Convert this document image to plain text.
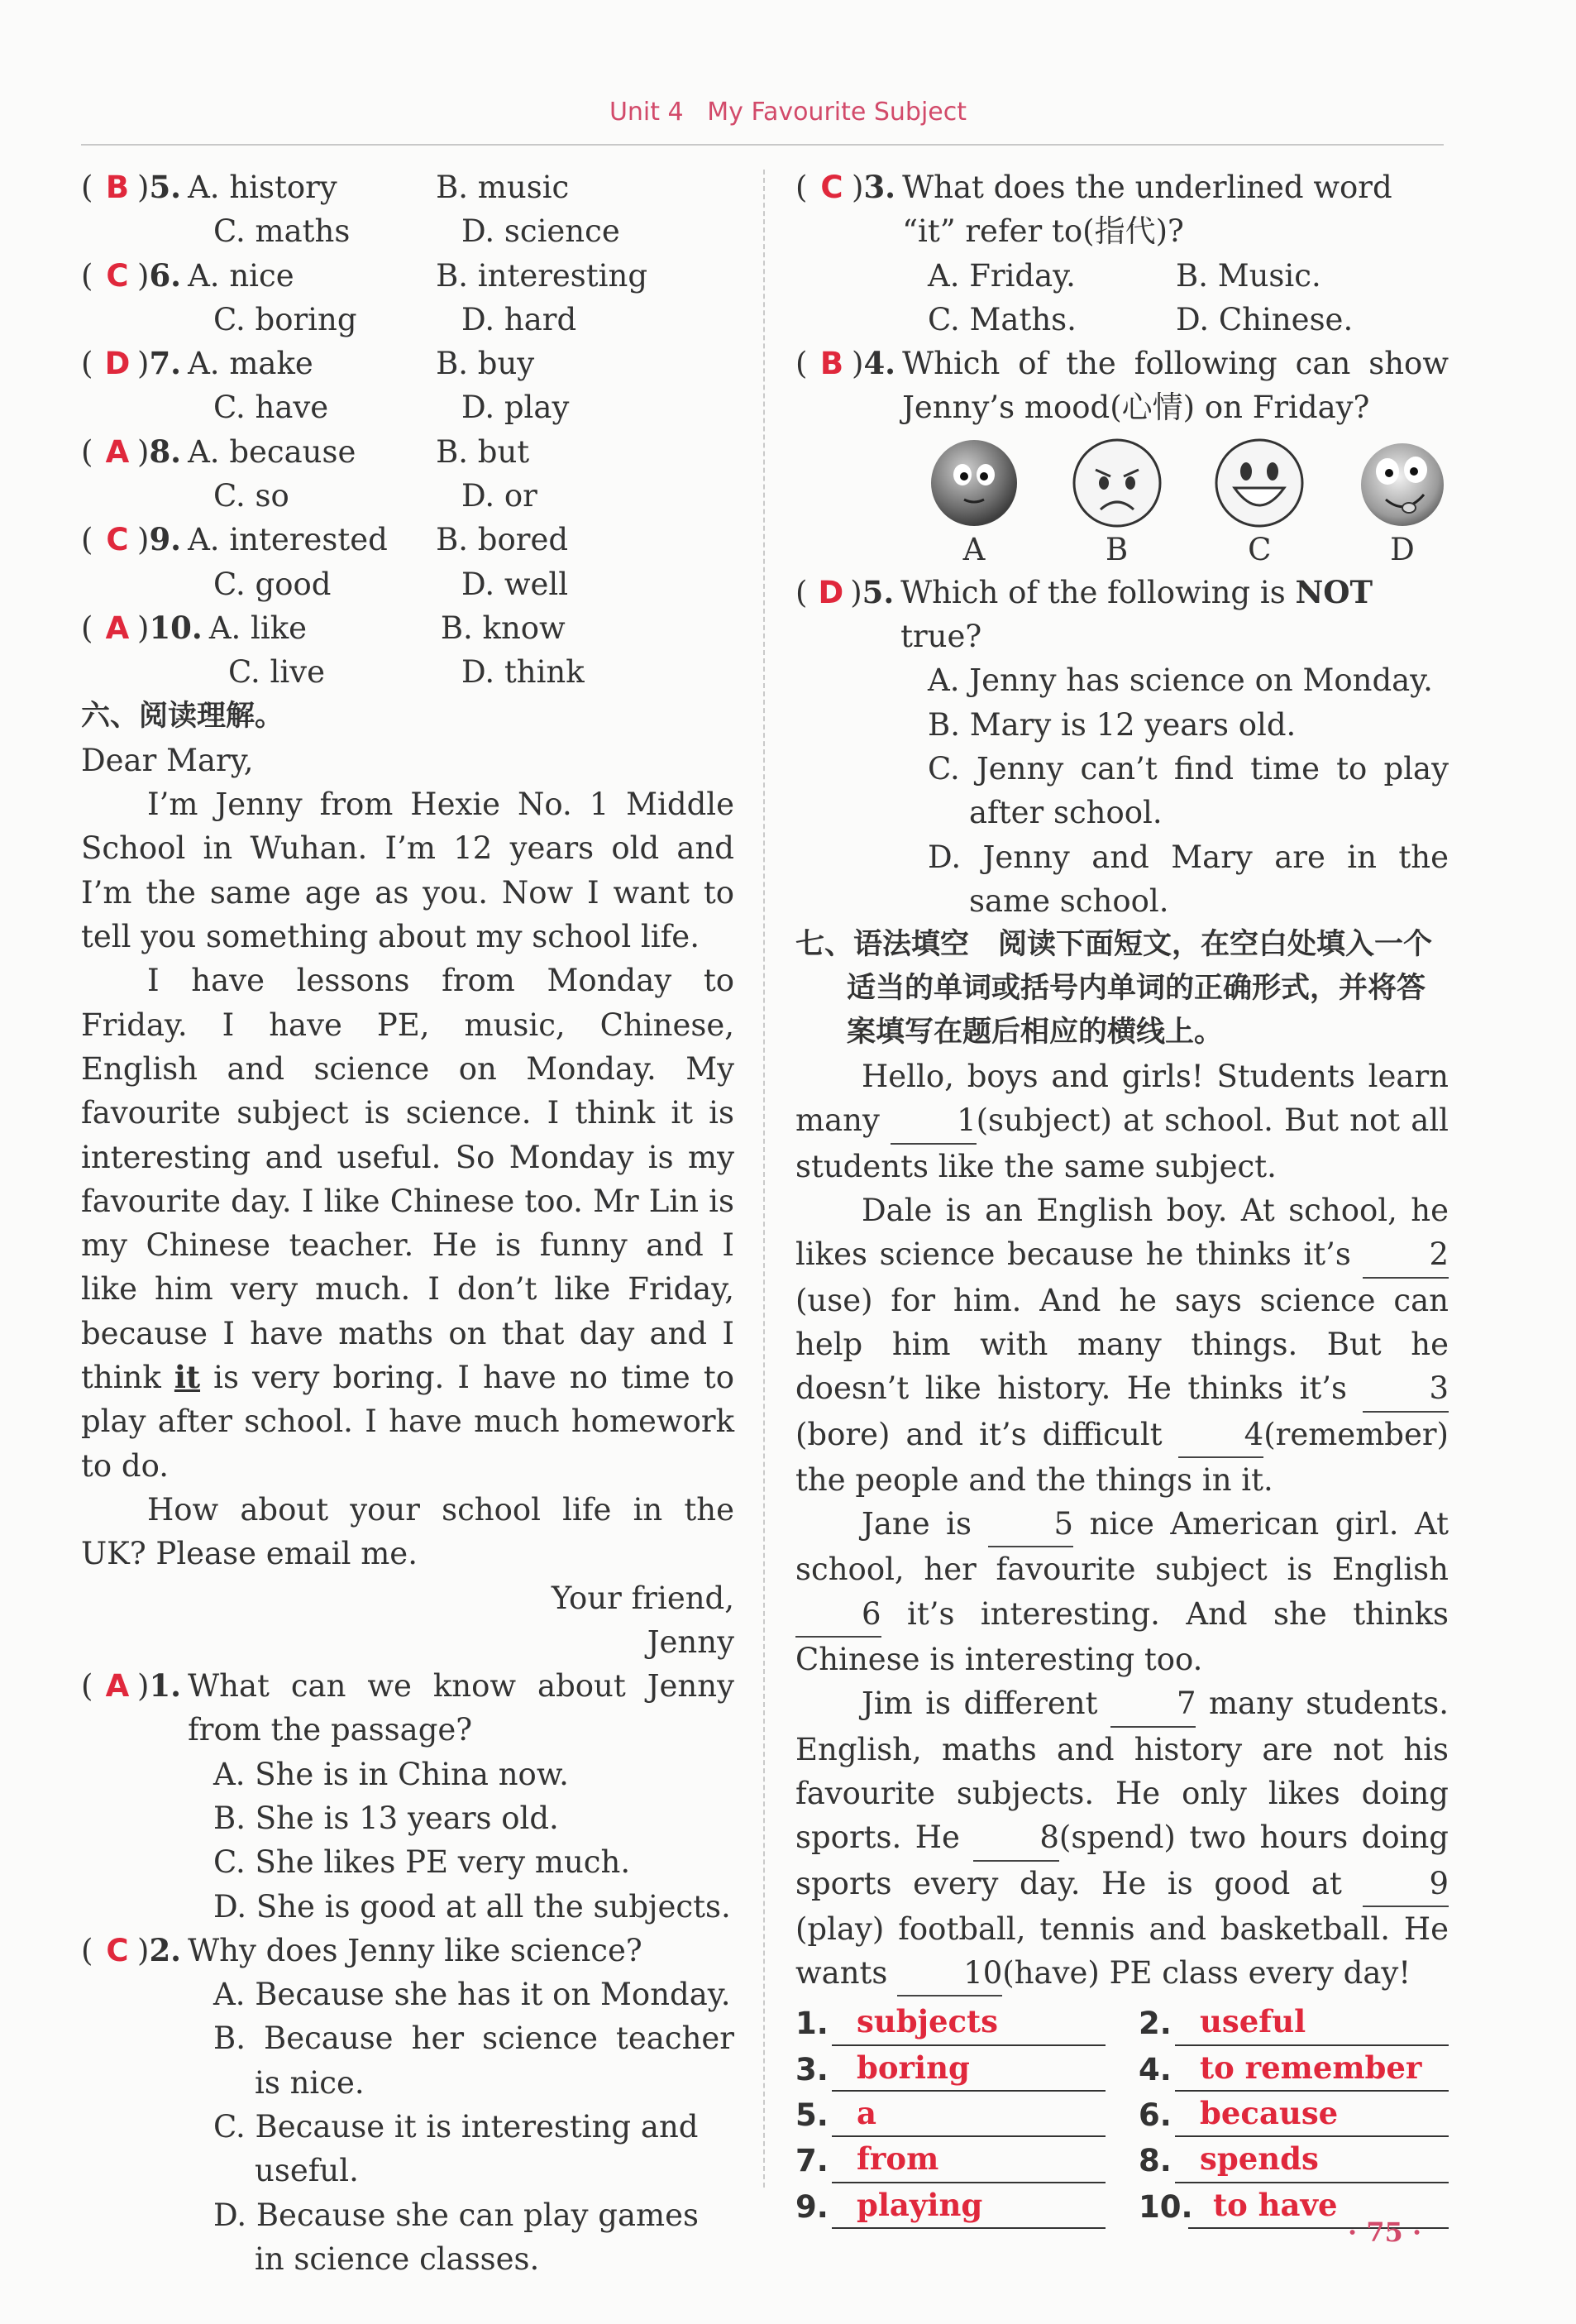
Unit 4 My Favourite Subject
( B ) 5. A. history	B. music
C. maths	D. science
( C ) 6. A. nice	B. interesting
C. boring	D. hard
( D ) 7. A. make	B. buy
C. have	D. play
( A ) 8. A. because	B. but
C. so	D. or
( C ) 9. A. interested	B. bored
C. good	D. well
( A ) 10. A. like	B. know
C. live	D. think
六、阅读理解。
Dear Mary,
I’m Jenny from Hexie No. 1 Middle School in Wuhan. I’m 12 years old and I’m the same age as you. Now I want to tell you something about my school life.
I have lessons from Monday to Friday. I have PE, music, Chinese, English and science on Monday. My favourite subject is science. I think it is interesting and useful. So Monday is my favourite day. I like Chinese too. Mr Lin is my Chinese teacher. He is funny and I like him very much. I don’t like Friday, because I have maths on that day and I think it is very boring. I have no time to play after school. I have much homework to do.
How about your school life in the UK? Please email me.
Your friend,
Jenny
( A ) 1. What can we know about Jenny from the passage?
A. She is in China now.
B. She is 13 years old.
C. She likes PE very much.
D. She is good at all the subjects.
( C ) 2. Why does Jenny like science?
A. Because she has it on Monday.
B. Because her science teacher is nice.
C. Because it is interesting and useful.
D. Because she can play games in science classes.
( C ) 3. What does the underlined word “it” refer to(指代)?
A. Friday.	B. Music.
C. Maths.	D. Chinese.
( B ) 4. Which of the following can show Jenny’s mood(心情) on Friday?
A	B	C	D
( D ) 5. Which of the following is NOT true?
A. Jenny has science on Monday.
B. Mary is 12 years old.
C. Jenny can’t find time to play after school.
D. Jenny and Mary are in the same school.
七、语法填空　阅读下面短文，在空白处填入一个适当的单词或括号内单词的正确形式，并将答案填写在题后相应的横线上。
Hello, boys and girls! Students learn many 1(subject) at school. But not all students like the same subject.
Dale is an English boy. At school, he likes science because he thinks it’s 2(use) for him. And he says science can help him with many things. But he doesn’t like history. He thinks it’s 3(bore) and it’s difficult 4(remember) the people and the things in it.
Jane is 5 nice American girl. At school, her favourite subject is English 6 it’s interesting. And she thinks Chinese is interesting too.
Jim is different 7 many students. English, maths and history are not his favourite subjects. He only likes doing sports. He 8(spend) two hours doing sports every day. He is good at 9(play) football, tennis and basketball. He wants 10(have) PE class every day!
1. subjects	2. useful
3. boring	4. to remember
5. a	6. because
7. from	8. spends
9. playing	10. to have
· 75 ·
